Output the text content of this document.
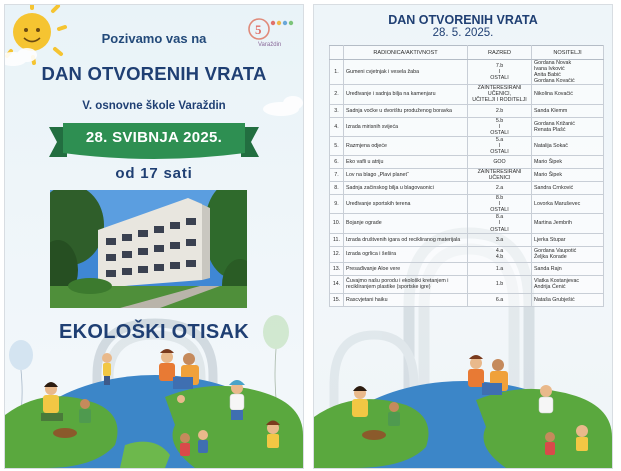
5
Varaždin

Pozivamo vas na

DAN OTVORENIH VRATA

V. osnovne škole Varaždin

28. SVIBNJA 2025.

od 17 sati

EKOLOŠKI OTISAK

DAN OTVORENIH VRATA

28. 5. 2025.

	RADIONICA/AKTIVNOST	RAZRED	NOSITELJI
1.	Gumeni cvjetnjak i vesela žaba	7.b
I
OSTALI	Gordana Novak
Ivana Ivković
Anita Babić
Gordana Kovačić
2.	Uređivanje i sadnja bilja na kamenjaru	ZAINTERESIRANI UČENICI,
UČITELJI I RODITELJI	Nikolina Kovačić
3.	Sadnja voćke u dvorištu produženog boravka	2.b	Sanda Klemm
4.	Izrada mirisnih svijeća	5.b
I
OSTALI	Gordana Križanić
Renata Plašć
5.	Razmjena odjeće	5.a
I
OSTALI	Natalija Sokač
6.	Eko vafli u atriju	GOO	Mario Šipek
7.	Lov na blago „Plavi planet“	ZAINTERESIRANI UČENICI	Mario Šipek
8.	Sadnja začinskog bilja u blagovaonici	2.a	Sandra Crnković
9.	Uređivanje sportskih terena	8.b
I
OSTALI	Lovorka Maruševec
10.	Bojanje ograde	8.a
I
OSTALI	Martina Jembrih
11.	Izrada društvenih igara od recikliranog materijala	3.a	Ljerka Stupar
12.	Izrada ogrlica i šešira	4.a
4.b	Gordana Vaupotić
Željka Korade
13.	Presađivanje Aloe vere	1.a	Sanda Rajn
14.	Čuvajmo našu porodu i ekološki kretanjem i recikliranjem plastike (sportske igre)	1.b	Vlatka Kostanjevac
Andrija Ćenić
15.	Rascvjetani haiku	6.a	Nataša Grubješić
